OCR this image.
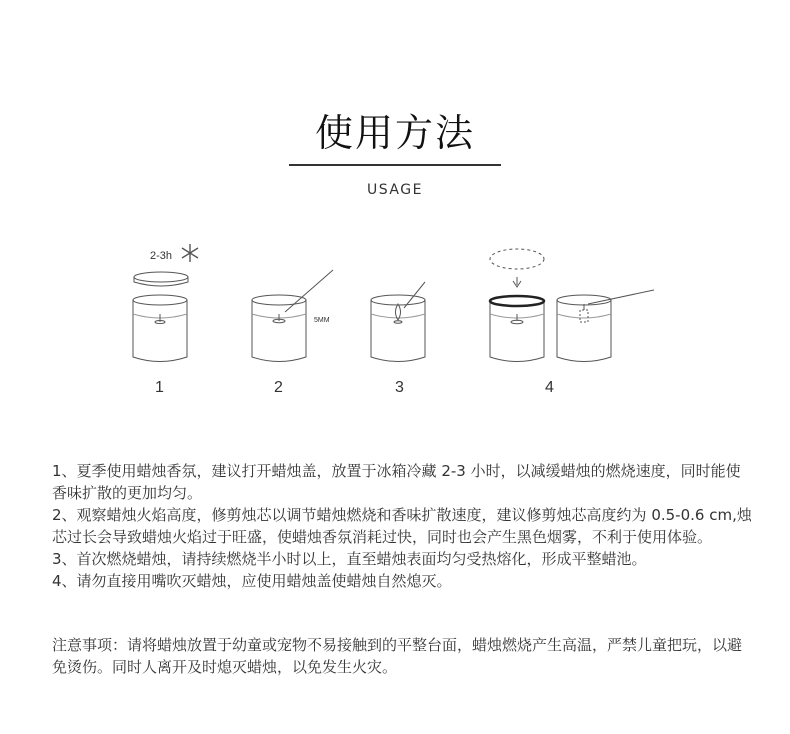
使用方法
USAGE
2-3h
5MM
1	2	3	4

1、夏季使用蜡烛香氛，建议打开蜡烛盖，放置于冰箱冷藏 2-3 小时，以减缓蜡烛的燃烧速度，同时能使香味扩散的更加均匀。

2、观察蜡烛火焰高度，修剪烛芯以调节蜡烛燃烧和香味扩散速度，建议修剪烛芯高度约为 0.5-0.6 cm,烛芯过长会导致蜡烛火焰过于旺盛，使蜡烛香氛消耗过快，同时也会产生黑色烟雾，不利于使用体验。

3、首次燃烧蜡烛，请持续燃烧半小时以上，直至蜡烛表面均匀受热熔化，形成平整蜡池。

4、请勿直接用嘴吹灭蜡烛，应使用蜡烛盖使蜡烛自然熄灭。

注意事项：请将蜡烛放置于幼童或宠物不易接触到的平整台面，蜡烛燃烧产生高温，严禁儿童把玩，以避免烫伤。同时人离开及时熄灭蜡烛，以免发生火灾。
